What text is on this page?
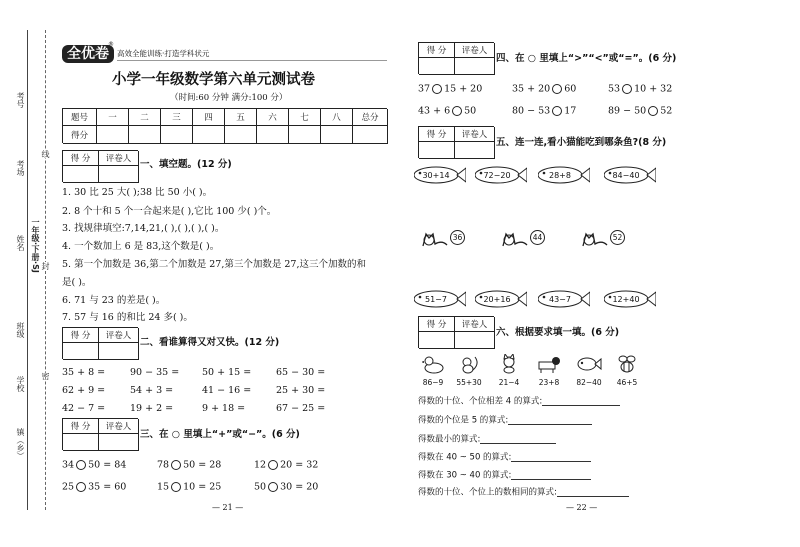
考号
考场
姓名 一年级·下册·SJ
班级
学校
镇（乡）
线
封
密
全优卷
®
高效全能训练·打造学科状元
小学一年级数学第六单元测试卷
（时间:60 分钟 满分:100 分）
题号	一	二	三	四	五	六	七	八	总分
得分
得 分	评卷人 一、填空题。(12 分)
1. 30 比 25 大( );38 比 50 小( )。
2. 8 个十和 5 个一合起来是( ),它比 100 少( )个。
3. 找规律填空:7,14,21,( ),( ),( ),( )。
4. 一个数加上 6 是 83,这个数是( )。
5. 第一个加数是 36,第二个加数是 27,第三个加数是 27,这三个加数的和
是( )。
6. 71 与 23 的差是( )。
7. 57 与 16 的和比 24 多( )。
得 分	评卷人
二、看谁算得又对又快。(12 分)
35 + 8 =	90 − 35 = 50 + 15 =	65 − 30 =
62 + 9 =	54 + 3 =	41 − 16 =	25 + 30 =
42 − 7 =	19 + 2 =	9 + 18 =	67 − 25 =
得 分	评卷人
三、在 ○ 里填上“+”或“−”。(6 分)
34 50 = 84	78 50 = 28	12 20 = 32
25 35 = 60	15 10 = 25	50 30 = 20
— 21 —
得 分	评卷人
四、在 ○ 里填上“>”“<”或“=”。(6 分)
37 15 + 20	35 + 20 60	53 10 + 32
43 + 6 50	80 − 53 17	89 − 50 52
得 分	评卷人
五、连一连,看小猫能吃到哪条鱼?(8 分)
30+14	72−20	28+8	84−40
36	44	52
51−7	20+16	43−7	12+40
得 分	评卷人
六、根据要求填一填。(6 分)
86−9	55+30	21−4	23+8	82−40	46+5
得数的十位、个位相差 4 的算式:
得数的个位是 5 的算式:
得数最小的算式:
得数在 40 ~ 50 的算式:
得数在 30 ~ 40 的算式:
得数的十位、个位上的数相同的算式:
— 22 —
